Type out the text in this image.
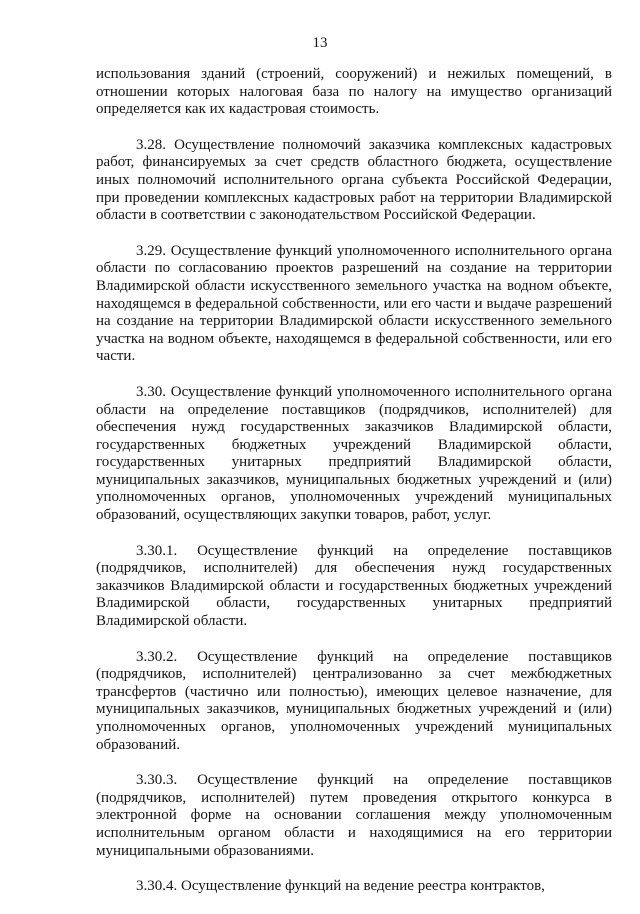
13

использования зданий (строений, сооружений) и нежилых помещений, в отношении которых налоговая база по налогу на имущество организаций определяется как их кадастровая стоимость.

3.28. Осуществление полномочий заказчика комплексных кадастровых работ, финансируемых за счет средств областного бюджета, осуществление иных полномочий исполнительного органа субъекта Российской Федерации, при проведении комплексных кадастровых работ на территории Владимирской области в соответствии с законодательством Российской Федерации.

3.29. Осуществление функций уполномоченного исполнительного органа области по согласованию проектов разрешений на создание на территории Владимирской области искусственного земельного участка на водном объекте, находящемся в федеральной собственности, или его части и выдаче разрешений на создание на территории Владимирской области искусственного земельного участка на водном объекте, находящемся в федеральной собственности, или его части.

3.30. Осуществление функций уполномоченного исполнительного органа области на определение поставщиков (подрядчиков, исполнителей) для обеспечения нужд государственных заказчиков Владимирской области, государственных бюджетных учреждений Владимирской области, государственных унитарных предприятий Владимирской области, муниципальных заказчиков, муниципальных бюджетных учреждений и (или) уполномоченных органов, уполномоченных учреждений муниципальных образований, осуществляющих закупки товаров, работ, услуг.

3.30.1. Осуществление функций на определение поставщиков (подрядчиков, исполнителей) для обеспечения нужд государственных заказчиков Владимирской области и государственных бюджетных учреждений Владимирской области, государственных унитарных предприятий Владимирской области.

3.30.2. Осуществление функций на определение поставщиков (подрядчиков, исполнителей) централизованно за счет межбюджетных трансфертов (частично или полностью), имеющих целевое назначение, для муниципальных заказчиков, муниципальных бюджетных учреждений и (или) уполномоченных органов, уполномоченных учреждений муниципальных образований.

3.30.3. Осуществление функций на определение поставщиков (подрядчиков, исполнителей) путем проведения открытого конкурса в электронной форме на основании соглашения между уполномоченным исполнительным органом области и находящимися на его территории муниципальными образованиями.

3.30.4. Осуществление функций на ведение реестра контрактов,
